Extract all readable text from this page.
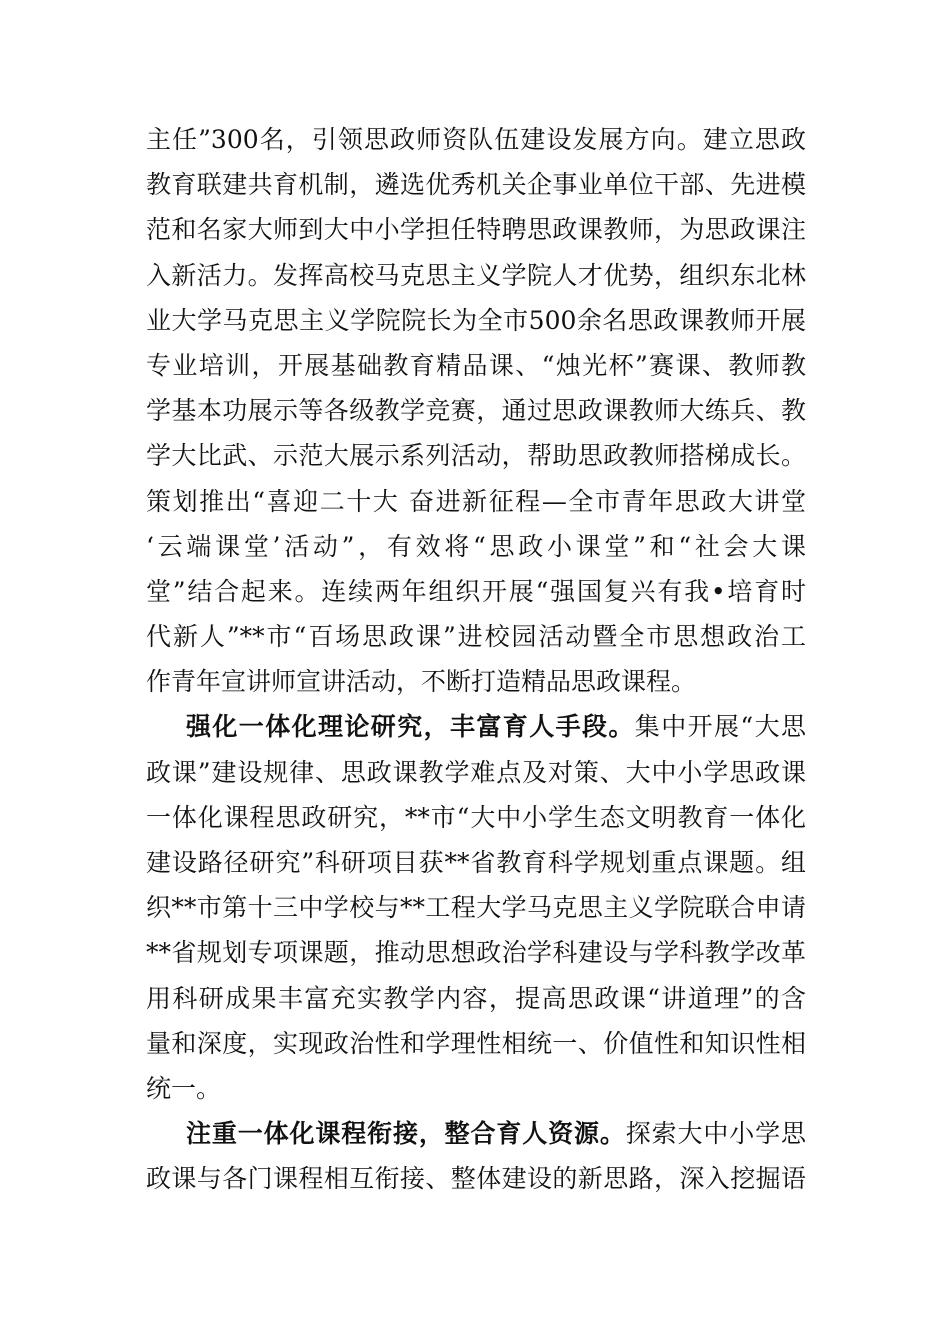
主任”300名，引领思政师资队伍建设发展方向。建立思政
教育联建共育机制，遴选优秀机关企事业单位干部、先进模
范和名家大师到大中小学担任特聘思政课教师，为思政课注
入新活力。发挥高校马克思主义学院人才优势，组织东北林
业大学马克思主义学院院长为全市500余名思政课教师开展
专业培训，开展基础教育精品课、“烛光杯”赛课、教师教
学基本功展示等各级教学竞赛，通过思政课教师大练兵、教
学大比武、示范大展示系列活动，帮助思政教师搭梯成长。
策划推出“喜迎二十大 奋进新征程—全市青年思政大讲堂
‘云端课堂’活动”，有效将“思政小课堂”和“社会大课
堂”结合起来。连续两年组织开展“强国复兴有我•培育时
代新人”**市“百场思政课”进校园活动暨全市思想政治工
作青年宣讲师宣讲活动，不断打造精品思政课程。
强化一体化理论研究，丰富育人手段。集中开展“大思
政课”建设规律、思政课教学难点及对策、大中小学思政课
一体化课程思政研究，**市“大中小学生态文明教育一体化
建设路径研究”科研项目获**省教育科学规划重点课题。组
织**市第十三中学校与**工程大学马克思主义学院联合申请
**省规划专项课题，推动思想政治学科建设与学科教学改革
用科研成果丰富充实教学内容，提高思政课“讲道理”的含
量和深度，实现政治性和学理性相统一、价值性和知识性相
统一。
注重一体化课程衔接，整合育人资源。探索大中小学思
政课与各门课程相互衔接、整体建设的新思路，深入挖掘语
